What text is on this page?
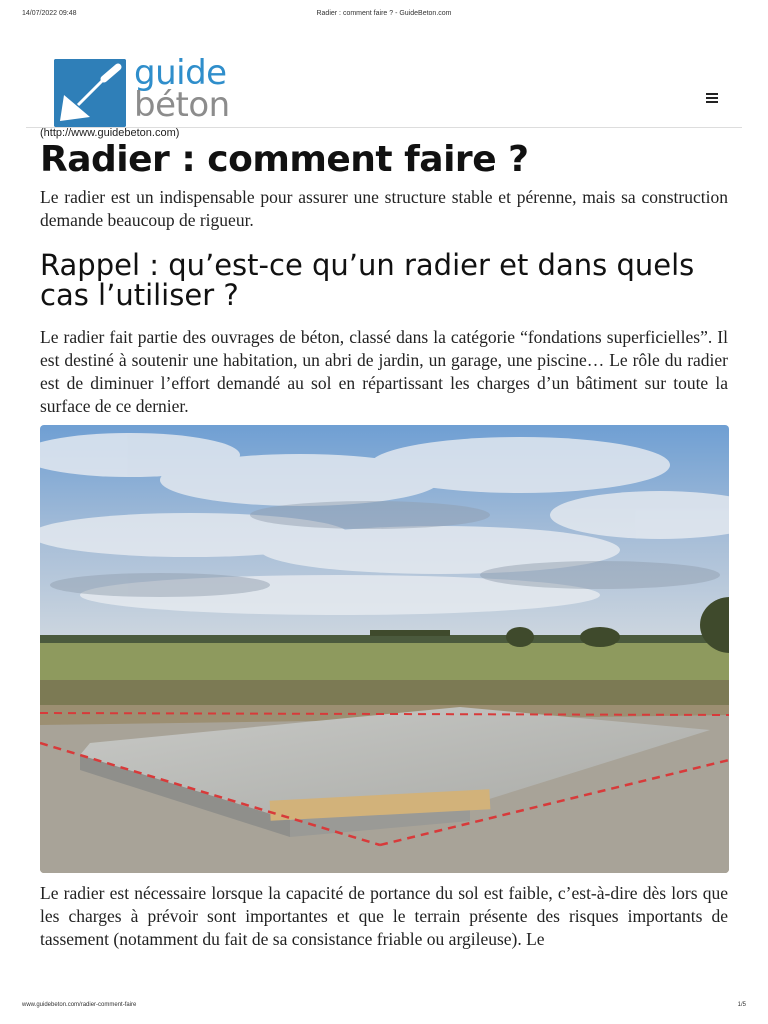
14/07/2022 09:48	Radier : comment faire ? - GuideBeton.com
guide
béton
(http://www.guidebeton.com)
Radier : comment faire ?

Le radier est un indispensable pour assurer une structure stable et pérenne, mais sa construction demande beaucoup de rigueur.

Rappel : qu’est-ce qu’un radier et dans quels cas l’utiliser ?

Le radier fait partie des ouvrages de béton, classé dans la catégorie “fondations superficielles”. Il est destiné à soutenir une habitation, un abri de jardin, un garage, une piscine… Le rôle du radier est de diminuer l’effort demandé au sol en répartissant les charges d’un bâtiment sur toute la surface de ce dernier.

Le radier est nécessaire lorsque la capacité de portance du sol est faible, c’est-à-dire dès lors que les charges à prévoir sont importantes et que le terrain présente des risques importants de tassement (notamment du fait de sa consistance friable ou argileuse). Le

www.guidebeton.com/radier-comment-faire	1/5
